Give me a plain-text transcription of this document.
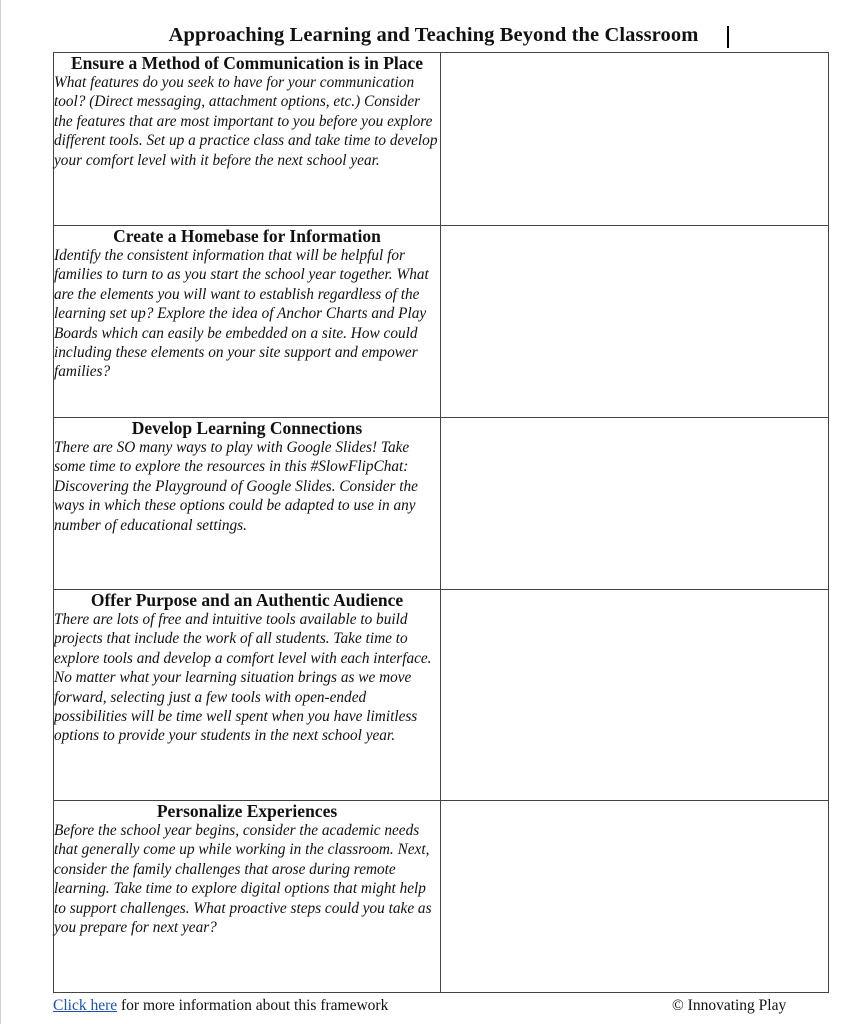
Approaching Learning and Teaching Beyond the Classroom
Ensure a Method of Communication is in Place
What features do you seek to have for your communication tool? (Direct messaging, attachment options, etc.) Consider the features that are most important to you before you explore different tools. Set up a practice class and take time to develop your comfort level with it before the next school year.	

Create a Homebase for Information
Identify the consistent information that will be helpful for families to turn to as you start the school year together. What are the elements you will want to establish regardless of the learning set up? Explore the idea of Anchor Charts and Play Boards which can easily be embedded on a site. How could including these elements on your site support and empower families?	

Develop Learning Connections
There are SO many ways to play with Google Slides! Take some time to explore the resources in this #SlowFlipChat: Discovering the Playground of Google Slides. Consider the ways in which these options could be adapted to use in any number of educational settings.	

Offer Purpose and an Authentic Audience
There are lots of free and intuitive tools available to build projects that include the work of all students. Take time to explore tools and develop a comfort level with each interface. No matter what your learning situation brings as we move forward, selecting just a few tools with open-ended possibilities will be time well spent when you have limitless options to provide your students in the next school year.	

Personalize Experiences
Before the school year begins, consider the academic needs that generally come up while working in the classroom. Next, consider the family challenges that arose during remote learning. Take time to explore digital options that might help to support challenges. What proactive steps could you take as you prepare for next year?	

Click here for more information about this framework	© Innovating Play
